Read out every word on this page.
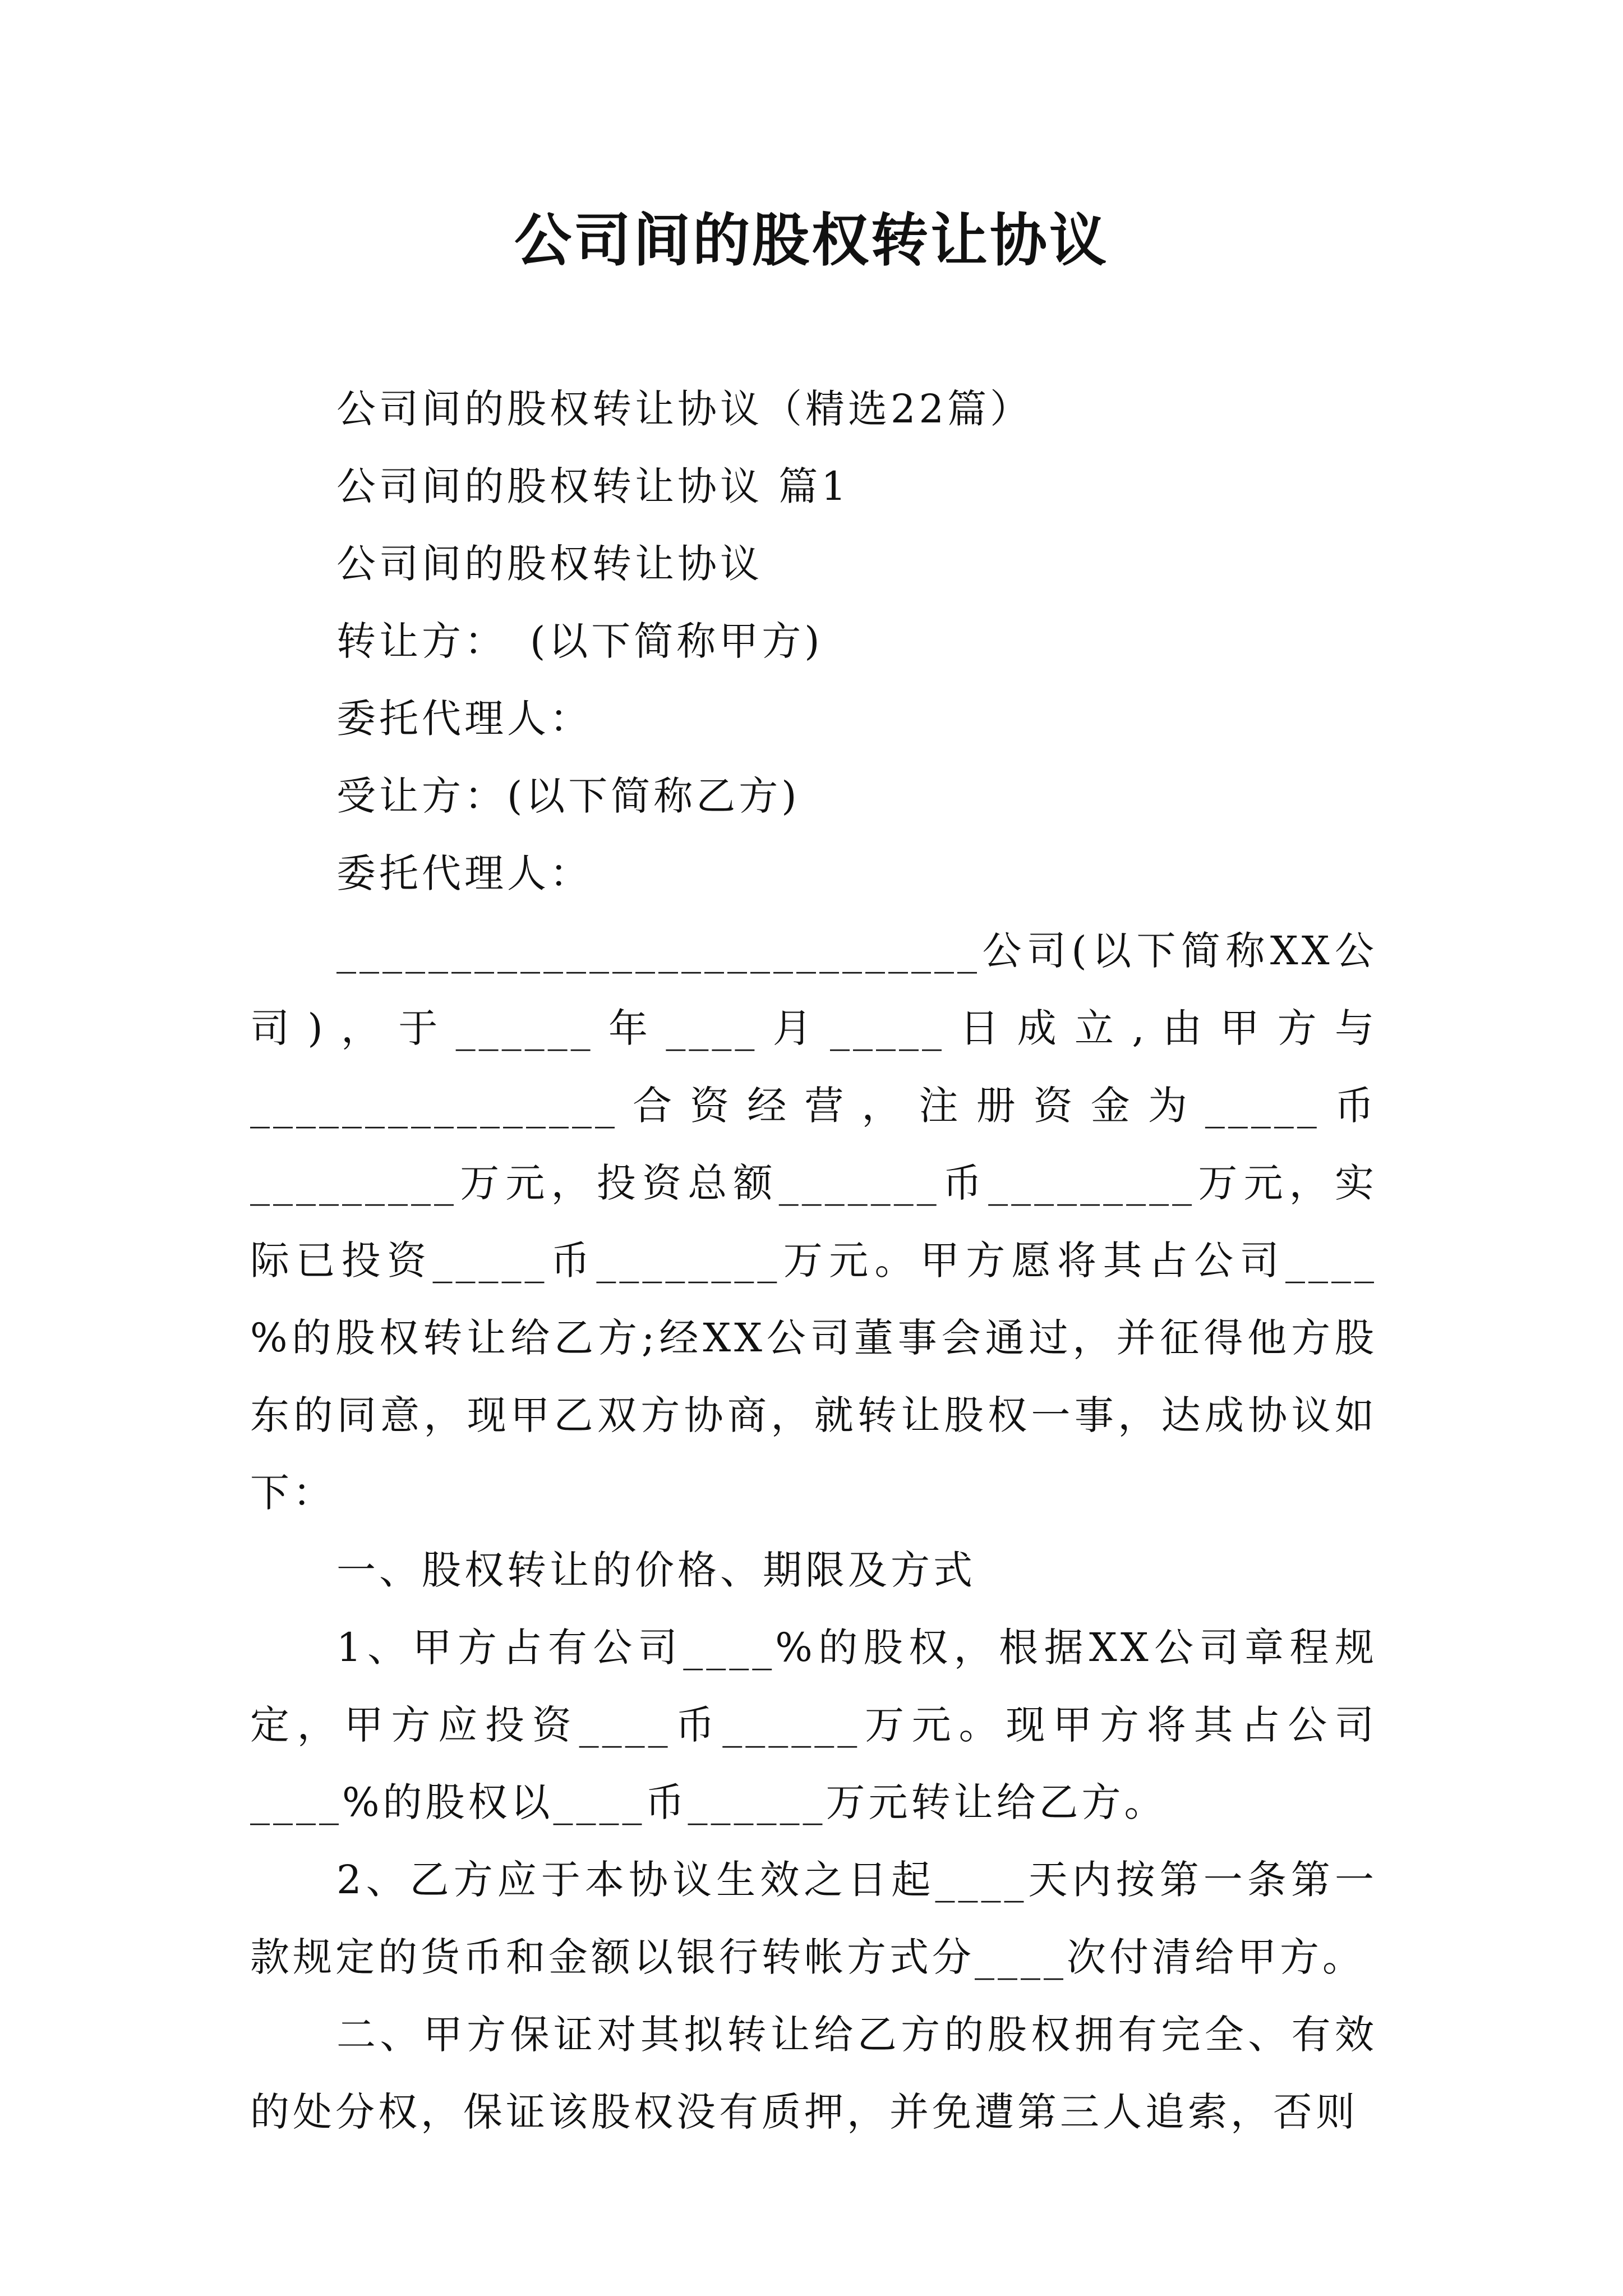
公司间的股权转让协议

公司间的股权转让协议（精选22篇）

公司间的股权转让协议 篇1

公司间的股权转让协议

转让方：　(以下简称甲方)

委托代理人：

受让方：(以下简称乙方)

委托代理人：

____________________________公司(以下简称XX公司)，于______年____月_____日成立,由甲方与________________合资经营，注册资金为_____币_________万元，投资总额_______币_________万元，实际已投资_____币________万元。甲方愿将其占公司____　%的股权转让给乙方;经XX公司董事会通过，并征得他方股东的同意，现甲乙双方协商，就转让股权一事，达成协议如下：

一、股权转让的价格、期限及方式

1、甲方占有公司____%的股权，根据XX公司章程规定，甲方应投资____币______万元。现甲方将其占公司____%的股权以____币______万元转让给乙方。

2、乙方应于本协议生效之日起____天内按第一条第一款规定的货币和金额以银行转帐方式分____次付清给甲方。

二、甲方保证对其拟转让给乙方的股权拥有完全、有效的处分权，保证该股权没有质押，并免遭第三人追索，否则
